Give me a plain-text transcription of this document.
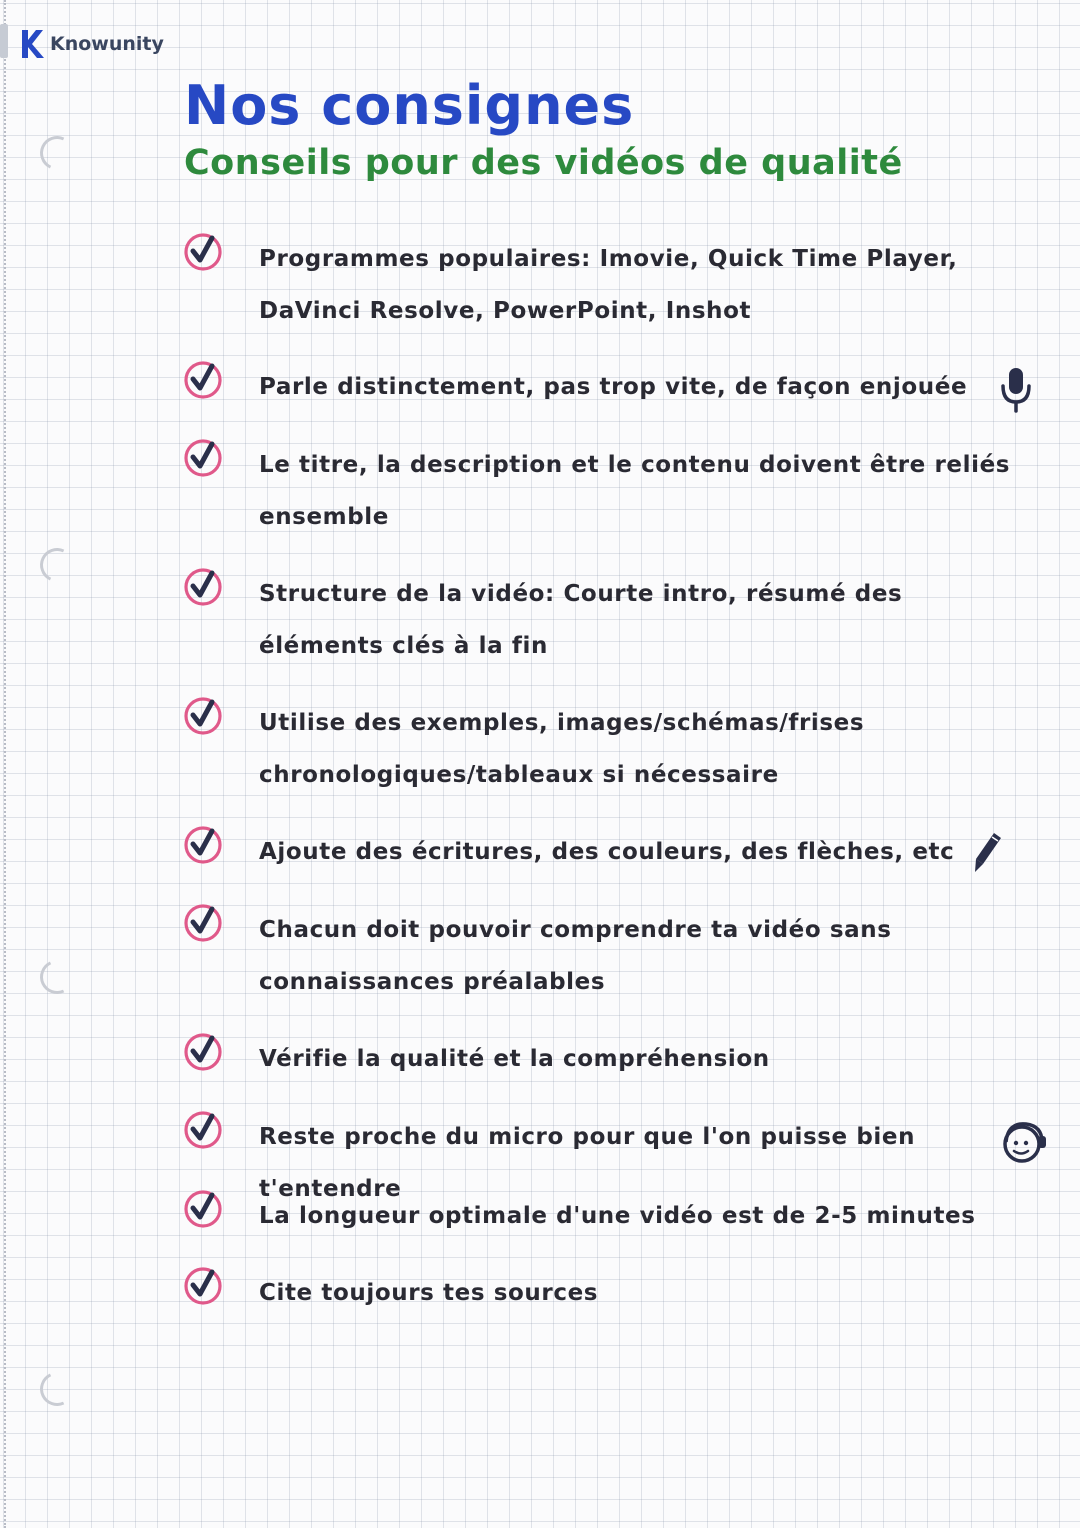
Knowunity
Nos consignes
Conseils pour des vidéos de qualité
Programmes populaires: Imovie, Quick Time Player, DaVinci Resolve, PowerPoint, Inshot
Parle distinctement, pas trop vite, de façon enjouée
Le titre, la description et le contenu doivent être reliés ensemble
Structure de la vidéo: Courte intro, résumé des éléments clés à la fin
Utilise des exemples, images/schémas/frises chronologiques/tableaux si nécessaire
Ajoute des écritures, des couleurs, des flèches, etc
Chacun doit pouvoir comprendre ta vidéo sans connaissances préalables
Vérifie la qualité et la compréhension
Reste proche du micro pour que l'on puisse bien t'entendre
La longueur optimale d'une vidéo est de 2-5 minutes
Cite toujours tes sources
